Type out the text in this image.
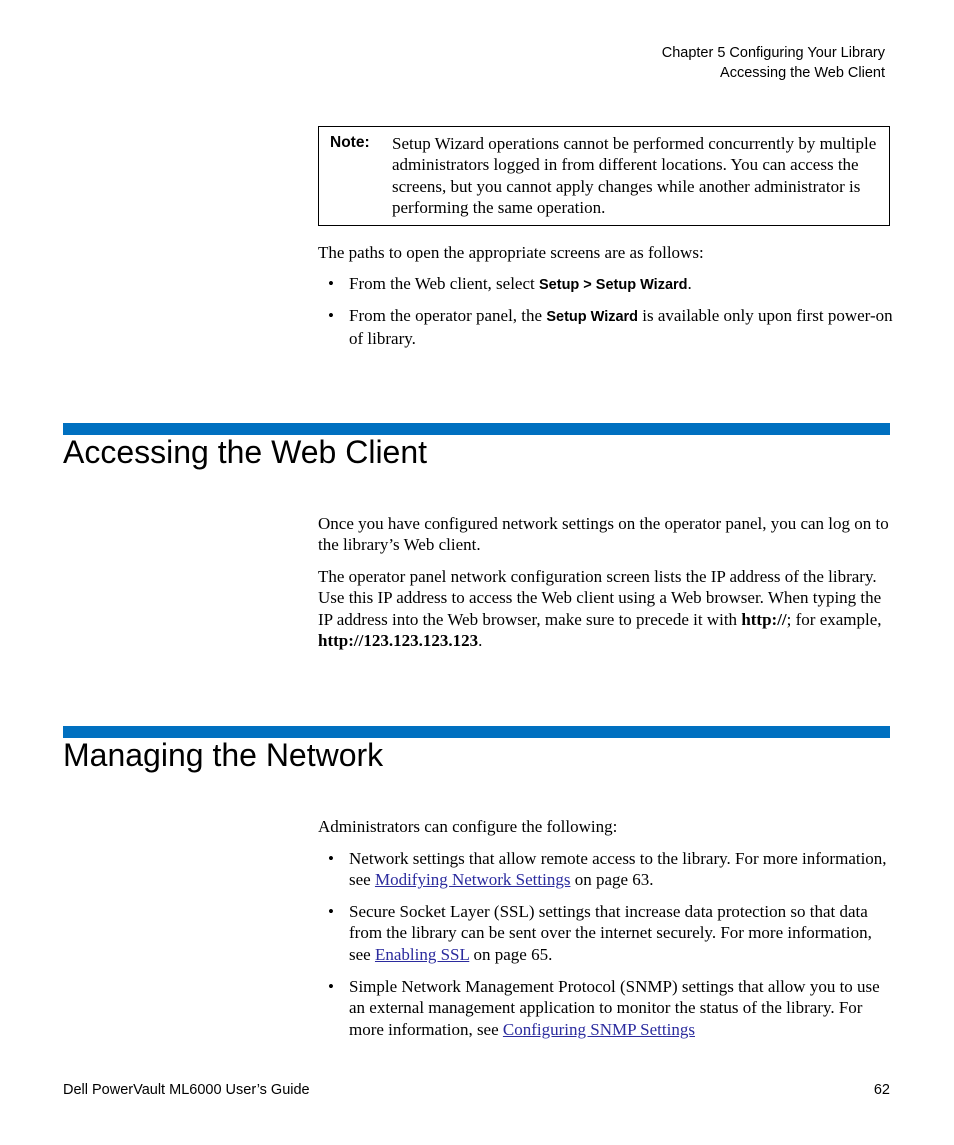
Chapter 5 Configuring Your Library
Accessing the Web Client
Note: Setup Wizard operations cannot be performed concurrently by multiple administrators logged in from different locations. You can access the screens, but you cannot apply changes while another administrator is performing the same operation.
The paths to open the appropriate screens are as follows:
• From the Web client, select Setup > Setup Wizard.
• From the operator panel, the Setup Wizard is available only upon first power-on of library.
Accessing the Web Client
Once you have configured network settings on the operator panel, you can log on to the library’s Web client.
The operator panel network configuration screen lists the IP address of the library. Use this IP address to access the Web client using a Web browser. When typing the IP address into the Web browser, make sure to precede it with http://; for example, http://123.123.123.123.
Managing the Network
Administrators can configure the following:
• Network settings that allow remote access to the library. For more information, see Modifying Network Settings on page 63.
• Secure Socket Layer (SSL) settings that increase data protection so that data from the library can be sent over the internet securely. For more information, see Enabling SSL on page 65.
• Simple Network Management Protocol (SNMP) settings that allow you to use an external management application to monitor the status of the library. For more information, see Configuring SNMP Settings
Dell PowerVault ML6000 User’s Guide	62
